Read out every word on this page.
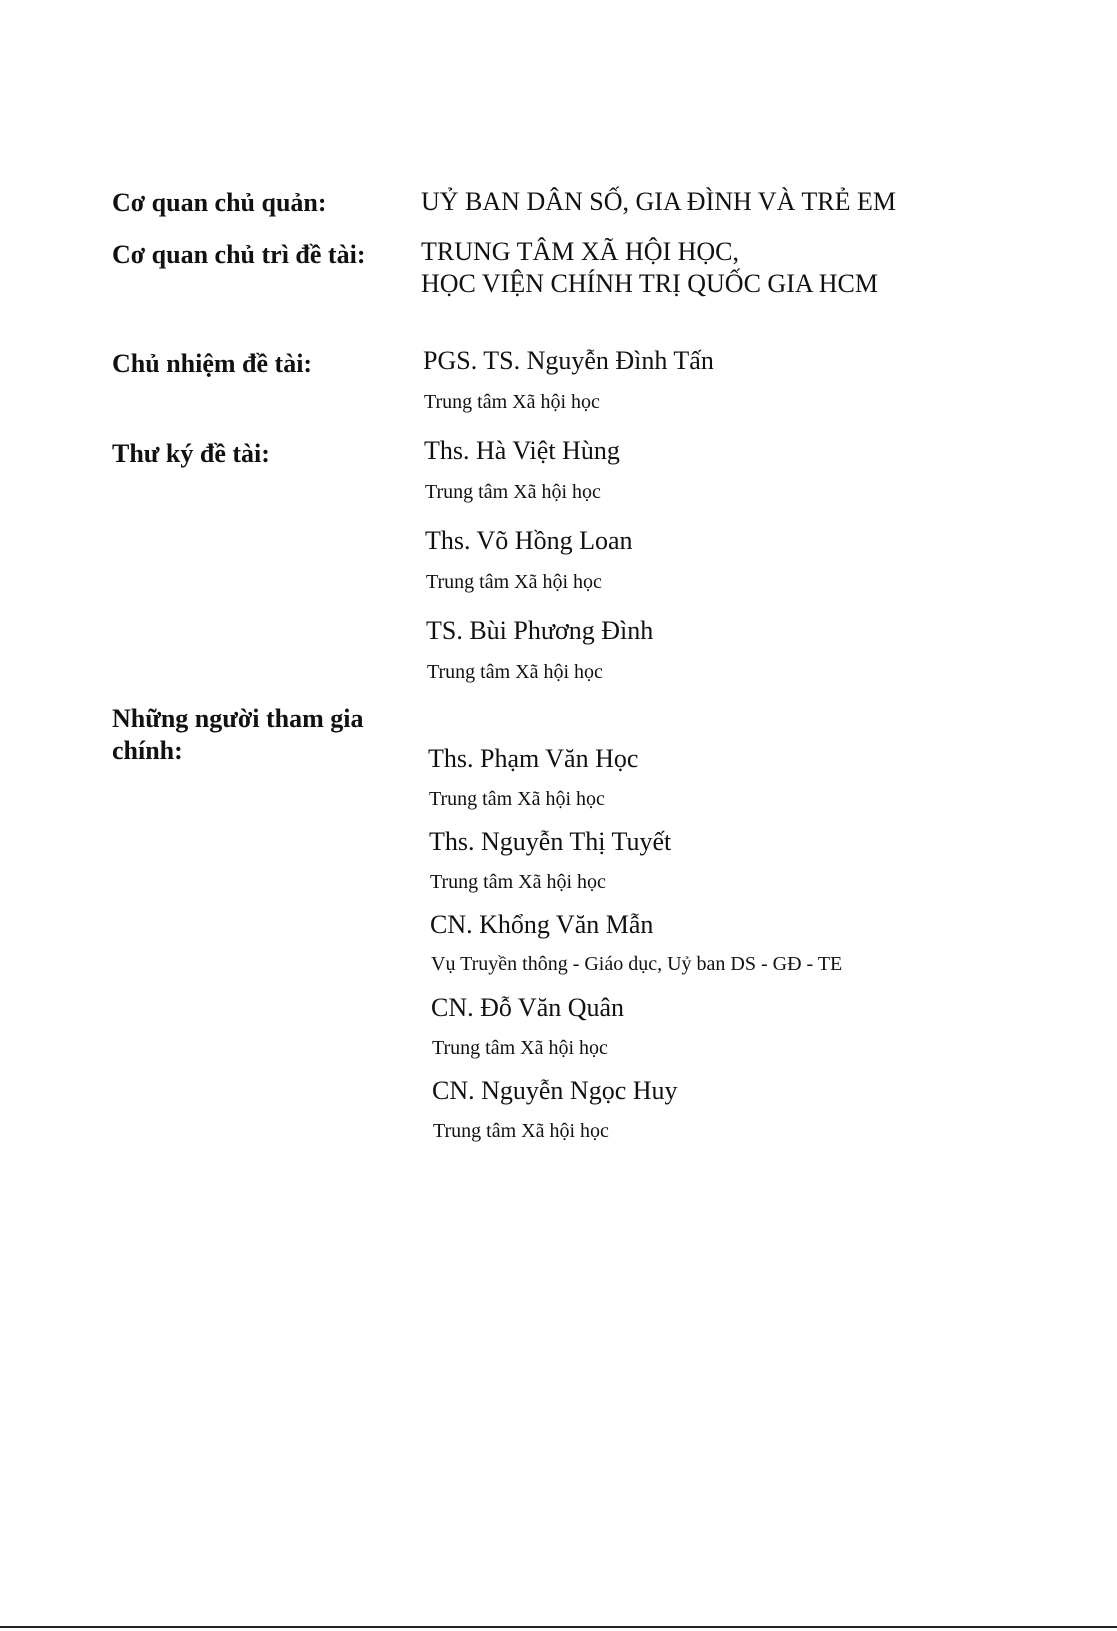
Cơ quan chủ quản:
Cơ quan chủ trì đề tài:
Chủ nhiệm đề tài:
Thư ký đề tài:
Những người tham gia
chính:
UỶ BAN DÂN SỐ, GIA ĐÌNH VÀ TRẺ EM
TRUNG TÂM XÃ HỘI HỌC,
HỌC VIỆN CHÍNH TRỊ QUỐC GIA HCM
PGS. TS. Nguyễn Đình Tấn
Trung tâm Xã hội học
Ths. Hà Việt Hùng
Trung tâm Xã hội học
Ths. Võ Hồng Loan
Trung tâm Xã hội học
TS. Bùi Phương Đình
Trung tâm Xã hội học
Ths. Phạm Văn Học
Trung tâm Xã hội học
Ths. Nguyễn Thị Tuyết
Trung tâm Xã hội học
CN. Khổng Văn Mẫn
Vụ Truyền thông - Giáo dục, Uỷ ban DS - GĐ - TE
CN. Đỗ Văn Quân
Trung tâm Xã hội học
CN. Nguyễn Ngọc Huy
Trung tâm Xã hội học
